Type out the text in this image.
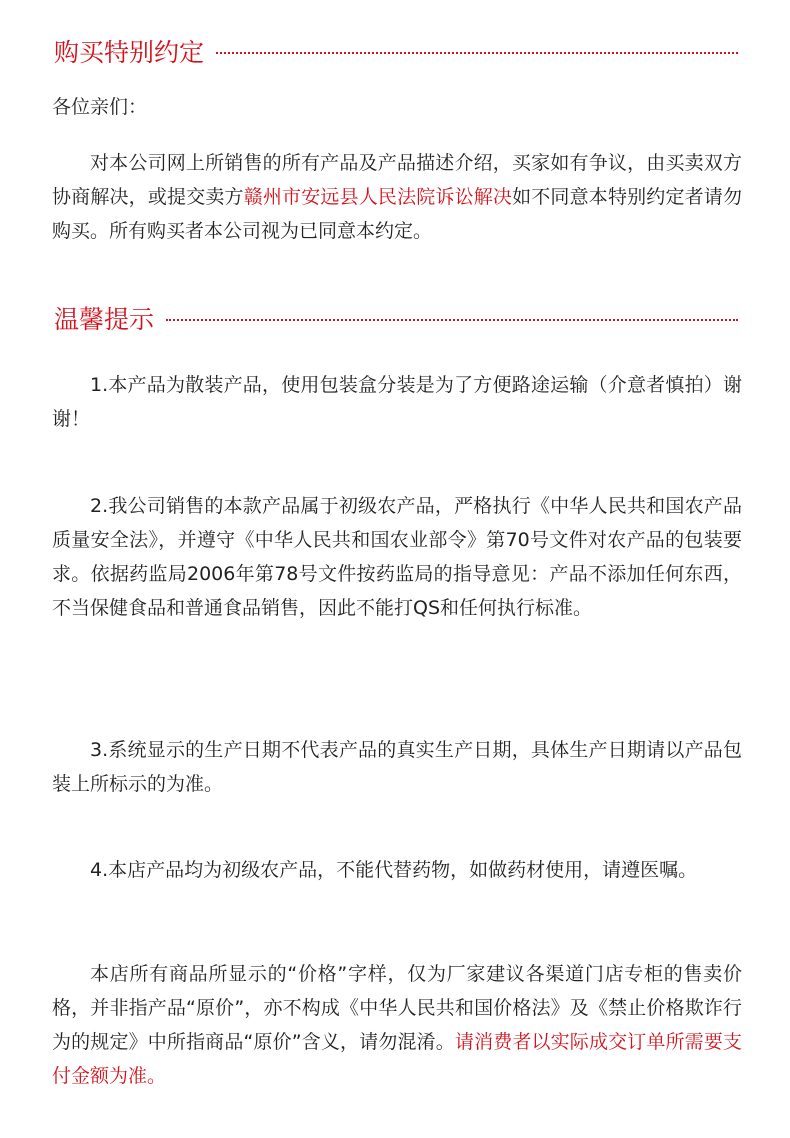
购买特别约定

各位亲们：

对本公司网上所销售的所有产品及产品描述介绍，买家如有争议，由买卖双方协商解决，或提交卖方赣州市安远县人民法院诉讼解决如不同意本特别约定者请勿购买。所有购买者本公司视为已同意本约定。

温馨提示

1.本产品为散装产品，使用包装盒分装是为了方便路途运输（介意者慎拍）谢谢！

2.我公司销售的本款产品属于初级农产品，严格执行《中华人民共和国农产品质量安全法》，并遵守《中华人民共和国农业部令》第70号文件对农产品的包装要求。依据药监局2006年第78号文件按药监局的指导意见：产品不添加任何东西，不当保健食品和普通食品销售，因此不能打QS和任何执行标准。

3.系统显示的生产日期不代表产品的真实生产日期，具体生产日期请以产品包装上所标示的为准。

4.本店产品均为初级农产品，不能代替药物，如做药材使用，请遵医嘱。

本店所有商品所显示的“价格”字样，仅为厂家建议各渠道门店专柜的售卖价格，并非指产品“原价”，亦不构成《中华人民共和国价格法》及《禁止价格欺诈行为的规定》中所指商品“原价”含义，请勿混淆。请消费者以实际成交订单所需要支付金额为准。
